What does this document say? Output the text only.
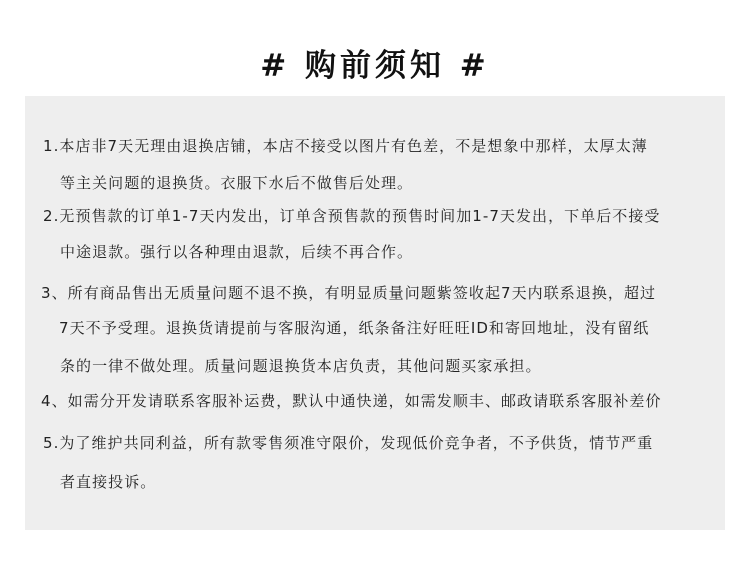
# 购前须知 #
1.本店非7天无理由退换店铺，本店不接受以图片有色差，不是想象中那样，太厚太薄
等主关问题的退换货。衣服下水后不做售后处理。
2.无预售款的订单1-7天内发出，订单含预售款的预售时间加1-7天发出，下单后不接受
中途退款。强行以各种理由退款，后续不再合作。
3、所有商品售出无质量问题不退不换，有明显质量问题紫签收起7天内联系退换，超过
7天不予受理。退换货请提前与客服沟通，纸条备注好旺旺ID和寄回地址，没有留纸
条的一律不做处理。质量问题退换货本店负责，其他问题买家承担。
4、如需分开发请联系客服补运费，默认中通快递，如需发顺丰、邮政请联系客服补差价
5.为了维护共同利益，所有款零售须准守限价，发现低价竞争者，不予供货，情节严重
者直接投诉。
